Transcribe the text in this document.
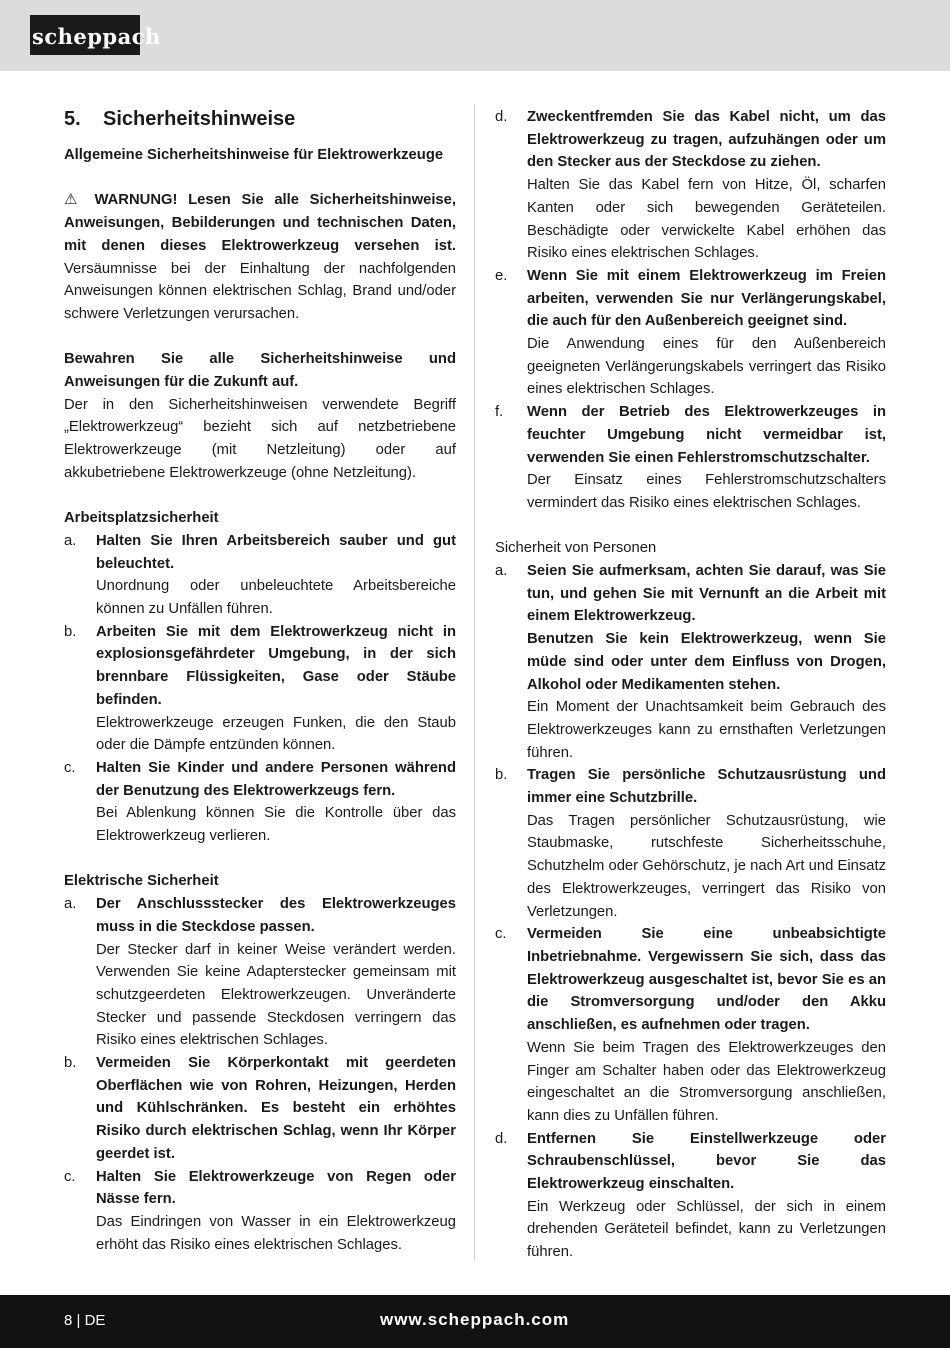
scheppach
5. Sicherheitshinweise
Allgemeine Sicherheitshinweise für Elektrowerkzeuge
⚠ WARNUNG! Lesen Sie alle Sicherheitshinweise, Anweisungen, Bebilderungen und technischen Daten, mit denen dieses Elektrowerkzeug versehen ist. Versäumnisse bei der Einhaltung der nachfolgenden Anweisungen können elektrischen Schlag, Brand und/oder schwere Verletzungen verursachen.
Bewahren Sie alle Sicherheitshinweise und Anweisungen für die Zukunft auf.
Der in den Sicherheitshinweisen verwendete Begriff „Elektrowerkzeug“ bezieht sich auf netzbetriebene Elektrowerkzeuge (mit Netzleitung) oder auf akkubetriebene Elektrowerkzeuge (ohne Netzleitung).
Arbeitsplatzsicherheit
a.	Halten Sie Ihren Arbeitsbereich sauber und gut beleuchtet.
Unordnung oder unbeleuchtete Arbeitsbereiche können zu Unfällen führen.
b.	Arbeiten Sie mit dem Elektrowerkzeug nicht in explosionsgefährdeter Umgebung, in der sich brennbare Flüssigkeiten, Gase oder Stäube befinden.
Elektrowerkzeuge erzeugen Funken, die den Staub oder die Dämpfe entzünden können.
c.	Halten Sie Kinder und andere Personen während der Benutzung des Elektrowerkzeugs fern.
Bei Ablenkung können Sie die Kontrolle über das Elektrowerkzeug verlieren.
Elektrische Sicherheit
a.	Der Anschlussstecker des Elektrowerkzeuges muss in die Steckdose passen.
Der Stecker darf in keiner Weise verändert werden. Verwenden Sie keine Adapterstecker gemeinsam mit schutzgeerdeten Elektrowerkzeugen. Unveränderte Stecker und passende Steckdosen verringern das Risiko eines elektrischen Schlages.
b.	Vermeiden Sie Körperkontakt mit geerdeten Oberflächen wie von Rohren, Heizungen, Herden und Kühlschränken. Es besteht ein erhöhtes Risiko durch elektrischen Schlag, wenn Ihr Körper geerdet ist.
c.	Halten Sie Elektrowerkzeuge von Regen oder Nässe fern.
Das Eindringen von Wasser in ein Elektrowerkzeug erhöht das Risiko eines elektrischen Schlages.
d.	Zweckentfremden Sie das Kabel nicht, um das Elektrowerkzeug zu tragen, aufzuhängen oder um den Stecker aus der Steckdose zu ziehen.
Halten Sie das Kabel fern von Hitze, Öl, scharfen Kanten oder sich bewegenden Geräteteilen. Beschädigte oder verwickelte Kabel erhöhen das Risiko eines elektrischen Schlages.
e.	Wenn Sie mit einem Elektrowerkzeug im Freien arbeiten, verwenden Sie nur Verlängerungskabel, die auch für den Außenbereich geeignet sind.
Die Anwendung eines für den Außenbereich geeigneten Verlängerungskabels verringert das Risiko eines elektrischen Schlages.
f.	Wenn der Betrieb des Elektrowerkzeuges in feuchter Umgebung nicht vermeidbar ist, verwenden Sie einen Fehlerstromschutzschalter.
Der Einsatz eines Fehlerstromschutzschalters vermindert das Risiko eines elektrischen Schlages.
Sicherheit von Personen
a.	Seien Sie aufmerksam, achten Sie darauf, was Sie tun, und gehen Sie mit Vernunft an die Arbeit mit einem Elektrowerkzeug.
Benutzen Sie kein Elektrowerkzeug, wenn Sie müde sind oder unter dem Einfluss von Drogen, Alkohol oder Medikamenten stehen.
Ein Moment der Unachtsamkeit beim Gebrauch des Elektrowerkzeuges kann zu ernsthaften Verletzungen führen.
b.	Tragen Sie persönliche Schutzausrüstung und immer eine Schutzbrille.
Das Tragen persönlicher Schutzausrüstung, wie Staubmaske, rutschfeste Sicherheitsschuhe, Schutzhelm oder Gehörschutz, je nach Art und Einsatz des Elektrowerkzeuges, verringert das Risiko von Verletzungen.
c.	Vermeiden Sie eine unbeabsichtigte Inbetriebnahme. Vergewissern Sie sich, dass das Elektrowerkzeug ausgeschaltet ist, bevor Sie es an die Stromversorgung und/oder den Akku anschließen, es aufnehmen oder tragen.
Wenn Sie beim Tragen des Elektrowerkzeuges den Finger am Schalter haben oder das Elektrowerkzeug eingeschaltet an die Stromversorgung anschließen, kann dies zu Unfällen führen.
d.	Entfernen Sie Einstellwerkzeuge oder Schraubenschlüssel, bevor Sie das Elektrowerkzeug einschalten.
Ein Werkzeug oder Schlüssel, der sich in einem drehenden Geräteteil befindet, kann zu Verletzungen führen.
8 | DE	www.scheppach.com
